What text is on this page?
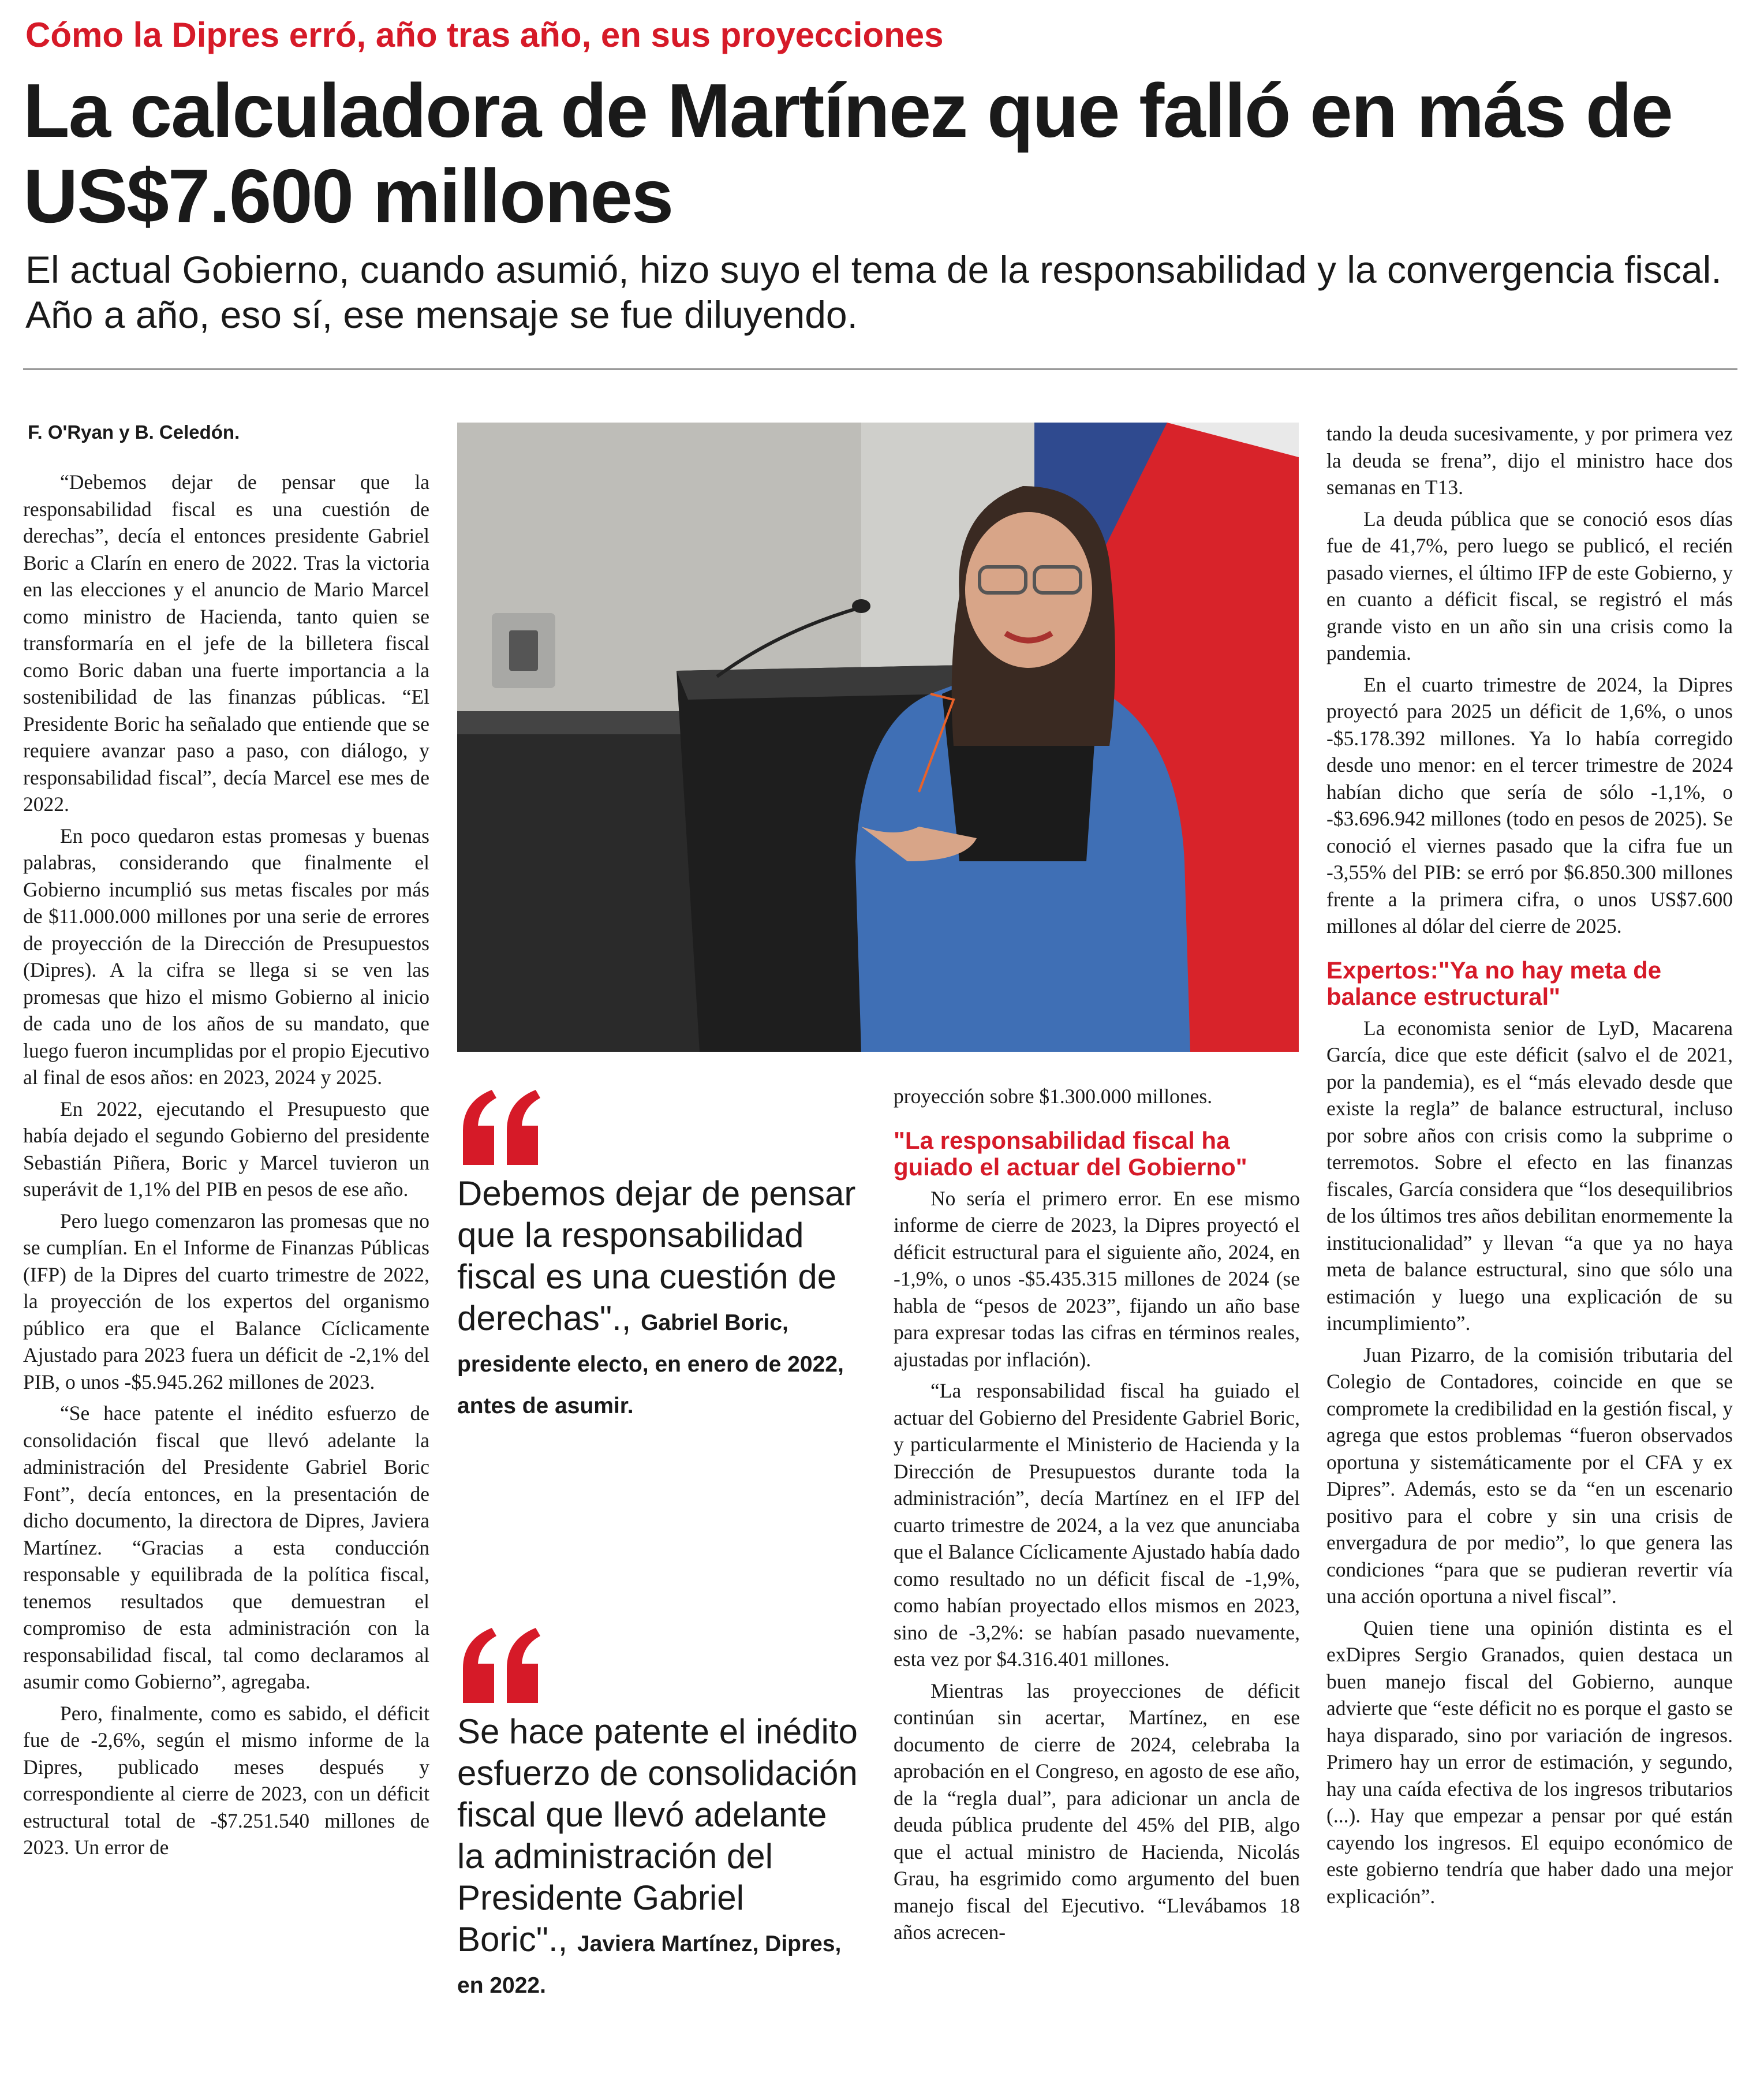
Cómo la Dipres erró, año tras año, en sus proyecciones
La calculadora de Martínez que falló en más de US$7.600 millones
El actual Gobierno, cuando asumió, hizo suyo el tema de la responsabilidad y la convergencia fiscal. Año a año, eso sí, ese mensaje se fue diluyendo.
F. O'Ryan y B. Celedón.

“Debemos dejar de pensar que la responsabilidad fiscal es una cuestión de derechas”, decía el entonces presidente Gabriel Boric a Clarín en enero de 2022. Tras la victoria en las elecciones y el anuncio de Mario Marcel como ministro de Hacienda, tanto quien se transformaría en el jefe de la billetera fiscal como Boric daban una fuerte importancia a la sostenibilidad de las finanzas públicas. “El Presidente Boric ha señalado que entiende que se requiere avanzar paso a paso, con diálogo, y responsabilidad fiscal”, decía Marcel ese mes de 2022.

En poco quedaron estas promesas y buenas palabras, considerando que finalmente el Gobierno incumplió sus metas fiscales por más de $11.000.000 millones por una serie de errores de proyección de la Dirección de Presupuestos (Dipres). A la cifra se llega si se ven las promesas que hizo el mismo Gobierno al inicio de cada uno de los años de su mandato, que luego fueron incumplidas por el propio Ejecutivo al final de esos años: en 2023, 2024 y 2025.

En 2022, ejecutando el Presupuesto que había dejado el segundo Gobierno del presidente Sebastián Piñera, Boric y Marcel tuvieron un superávit de 1,1% del PIB en pesos de ese año.

Pero luego comenzaron las promesas que no se cumplían. En el Informe de Finanzas Públicas (IFP) de la Dipres del cuarto trimestre de 2022, la proyección de los expertos del organismo público era que el Balance Cíclicamente Ajustado para 2023 fuera un déficit de -2,1% del PIB, o unos -$5.945.262 millones de 2023.

“Se hace patente el inédito esfuerzo de consolidación fiscal que llevó adelante la administración del Presidente Gabriel Boric Font”, decía entonces, en la presentación de dicho documento, la directora de Dipres, Javiera Martínez. “Gracias a esta conducción responsable y equilibrada de la política fiscal, tenemos resultados que demuestran el compromiso de esta administración con la responsabilidad fiscal, tal como declaramos al asumir como Gobierno”, agregaba.

Pero, finalmente, como es sabido, el déficit fue de -2,6%, según el mismo informe de la Dipres, publicado meses después y correspondiente al cierre de 2023, con un déficit estructural total de -$7.251.540 millones de 2023. Un error de

Debemos dejar de pensar que la responsabilidad fiscal es una cuestión de derechas"., Gabriel Boric, presidente electo, en enero de 2022, antes de asumir.
Se hace patente el inédito esfuerzo de consolidación fiscal que llevó adelante la administración del Presidente Gabriel Boric"., Javiera Martínez, Dipres, en 2022.

proyección sobre $1.300.000 millones.

"La responsabilidad fiscal ha guiado el actuar del Gobierno"

No sería el primero error. En ese mismo informe de cierre de 2023, la Dipres proyectó el déficit estructural para el siguiente año, 2024, en -1,9%, o unos -$5.435.315 millones de 2024 (se habla de “pesos de 2023”, fijando un año base para expresar todas las cifras en términos reales, ajustadas por inflación).

“La responsabilidad fiscal ha guiado el actuar del Gobierno del Presidente Gabriel Boric, y particularmente el Ministerio de Hacienda y la Dirección de Presupuestos durante toda la administración”, decía Martínez en el IFP del cuarto trimestre de 2024, a la vez que anunciaba que el Balance Cíclicamente Ajustado había dado como resultado no un déficit fiscal de -1,9%, como habían proyectado ellos mismos en 2023, sino de -3,2%: se habían pasado nuevamente, esta vez por $4.316.401 millones.

Mientras las proyecciones de déficit continúan sin acertar, Martínez, en ese documento de cierre de 2024, celebraba la aprobación en el Congreso, en agosto de ese año, de la “regla dual”, para adicionar un ancla de deuda pública prudente del 45% del PIB, algo que el actual ministro de Hacienda, Nicolás Grau, ha esgrimido como argumento del buen manejo fiscal del Ejecutivo. “Llevábamos 18 años acrecen-

tando la deuda sucesivamente, y por primera vez la deuda se frena”, dijo el ministro hace dos semanas en T13.

La deuda pública que se conoció esos días fue de 41,7%, pero luego se publicó, el recién pasado viernes, el último IFP de este Gobierno, y en cuanto a déficit fiscal, se registró el más grande visto en un año sin una crisis como la pandemia.

En el cuarto trimestre de 2024, la Dipres proyectó para 2025 un déficit de 1,6%, o unos -$5.178.392 millones. Ya lo había corregido desde uno menor: en el tercer trimestre de 2024 habían dicho que sería de sólo -1,1%, o -$3.696.942 millones (todo en pesos de 2025). Se conoció el viernes pasado que la cifra fue un -3,55% del PIB: se erró por $6.850.300 millones frente a la primera cifra, o unos US$7.600 millones al dólar del cierre de 2025.

Expertos:"Ya no hay meta de balance estructural"

La economista senior de LyD, Macarena García, dice que este déficit (salvo el de 2021, por la pandemia), es el “más elevado desde que existe la regla” de balance estructural, incluso por sobre años con crisis como la subprime o terremotos. Sobre el efecto en las finanzas fiscales, García considera que “los desequilibrios de los últimos tres años debilitan enormemente la institucionalidad” y llevan “a que ya no haya meta de balance estructural, sino que sólo una estimación y luego una explicación de su incumplimiento”.

Juan Pizarro, de la comisión tributaria del Colegio de Contadores, coincide en que se compromete la credibilidad en la gestión fiscal, y agrega que estos problemas “fueron observados oportuna y sistemáticamente por el CFA y ex Dipres”. Además, esto se da “en un escenario positivo para el cobre y sin una crisis de envergadura de por medio”, lo que genera las condiciones “para que se pudieran revertir vía una acción oportuna a nivel fiscal”.

Quien tiene una opinión distinta es el exDipres Sergio Granados, quien destaca un buen manejo fiscal del Gobierno, aunque advierte que “este déficit no es porque el gasto se haya disparado, sino por variación de ingresos. Primero hay un error de estimación, y segundo, hay una caída efectiva de los ingresos tributarios (...). Hay que empezar a pensar por qué están cayendo los ingresos. El equipo económico de este gobierno tendría que haber dado una mejor explicación”.
